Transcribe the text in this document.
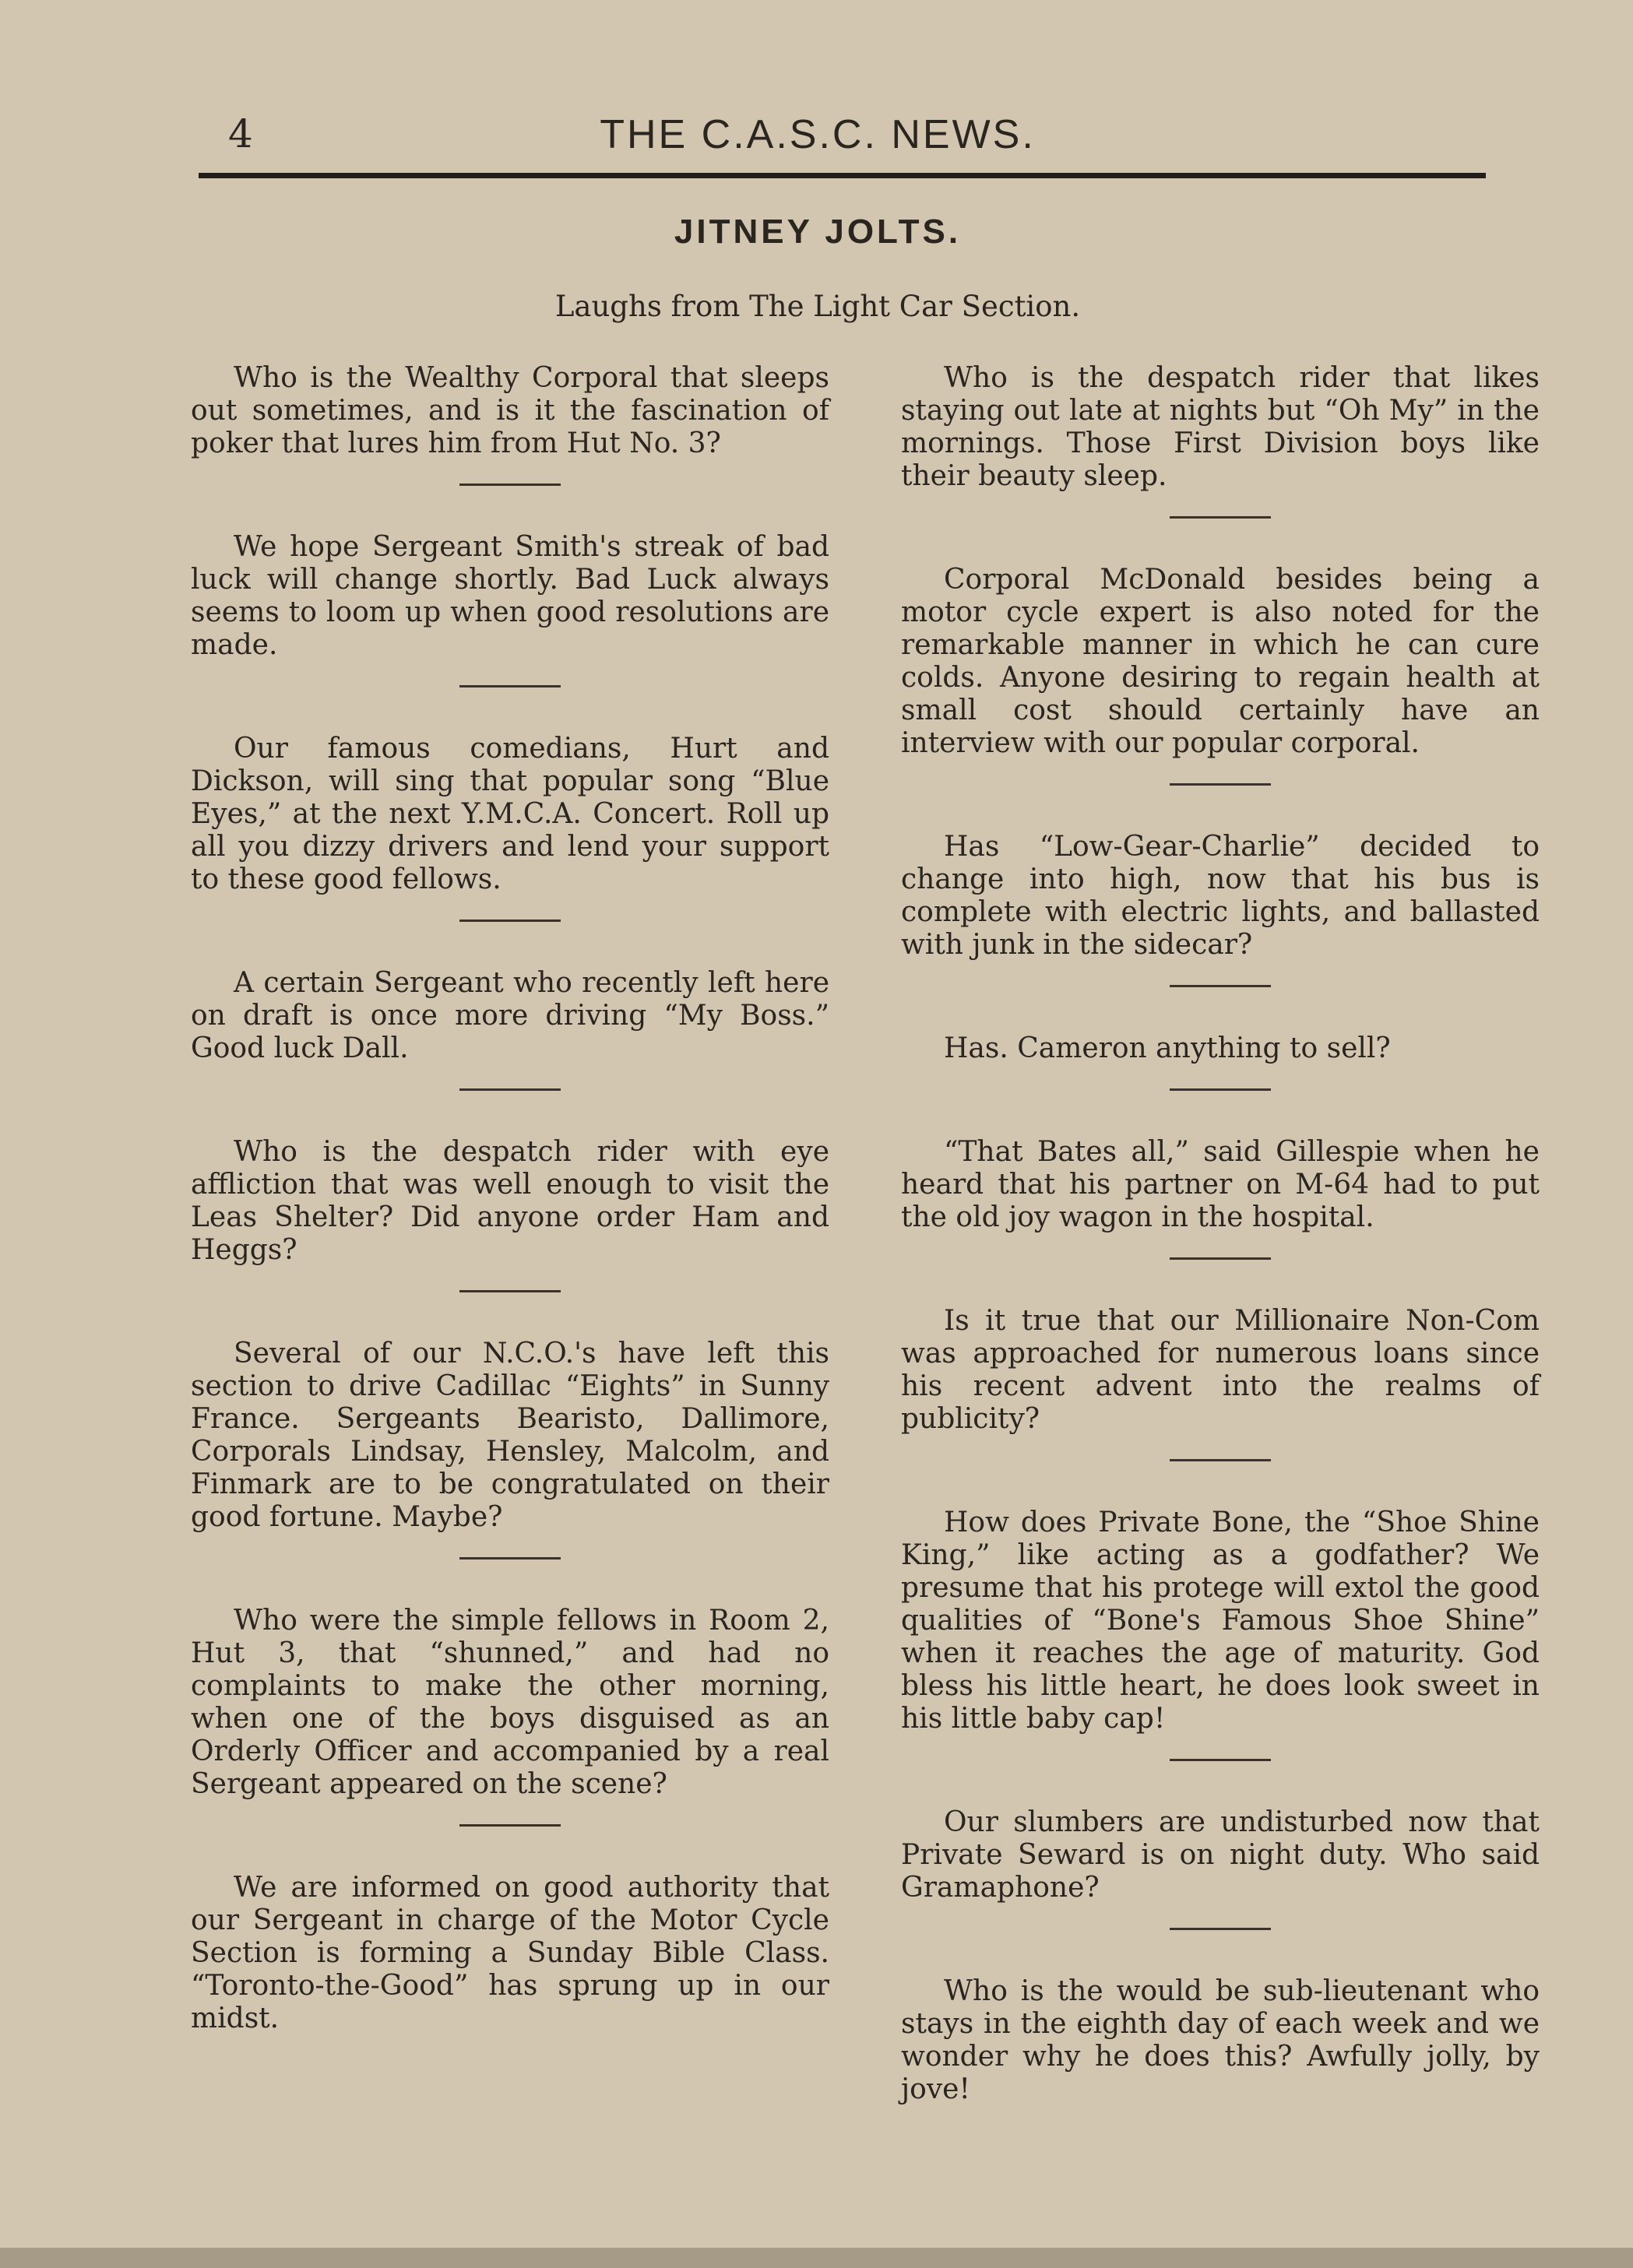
4	THE C.A.S.C. NEWS.
JITNEY JOLTS.
Laughs from The Light Car Section.

Who is the Wealthy Corporal that sleeps out sometimes, and is it the fascination of poker that lures him from Hut No. 3?

We hope Sergeant Smith's streak of bad luck will change shortly. Bad Luck always seems to loom up when good resolutions are made.

Our famous comedians, Hurt and Dickson, will sing that popular song “Blue Eyes,” at the next Y.M.C.A. Concert. Roll up all you dizzy drivers and lend your support to these good fellows.

A certain Sergeant who recently left here on draft is once more driving “My Boss.” Good luck Dall.

Who is the despatch rider with eye affliction that was well enough to visit the Leas Shelter? Did anyone order Ham and Heggs?

Several of our N.C.O.'s have left this section to drive Cadillac “Eights” in Sunny France. Sergeants Bearisto, Dallimore, Corporals Lindsay, Hensley, Malcolm, and Finmark are to be congratulated on their good fortune. Maybe?

Who were the simple fellows in Room 2, Hut 3, that “shunned,” and had no complaints to make the other morning, when one of the boys disguised as an Orderly Officer and accompanied by a real Sergeant appeared on the scene?

We are informed on good authority that our Sergeant in charge of the Motor Cycle Section is forming a Sunday Bible Class. “Toronto-the-Good” has sprung up in our midst.

Who is the despatch rider that likes staying out late at nights but “Oh My” in the mornings. Those First Division boys like their beauty sleep.

Corporal McDonald besides being a motor cycle expert is also noted for the remarkable manner in which he can cure colds. Anyone desiring to regain health at small cost should certainly have an interview with our popular corporal.

Has “Low-Gear-Charlie” decided to change into high, now that his bus is complete with electric lights, and ballasted with junk in the sidecar?

Has. Cameron anything to sell?

“That Bates all,” said Gillespie when he heard that his partner on M-64 had to put the old joy wagon in the hospital.

Is it true that our Millionaire Non-Com was approached for numerous loans since his recent advent into the realms of publicity?

How does Private Bone, the “Shoe Shine King,” like acting as a godfather? We presume that his protege will extol the good qualities of “Bone's Famous Shoe Shine” when it reaches the age of maturity. God bless his little heart, he does look sweet in his little baby cap!

Our slumbers are undisturbed now that Private Seward is on night duty. Who said Gramaphone?

Who is the would be sub-lieutenant who stays in the eighth day of each week and we wonder why he does this? Awfully jolly, by jove!
